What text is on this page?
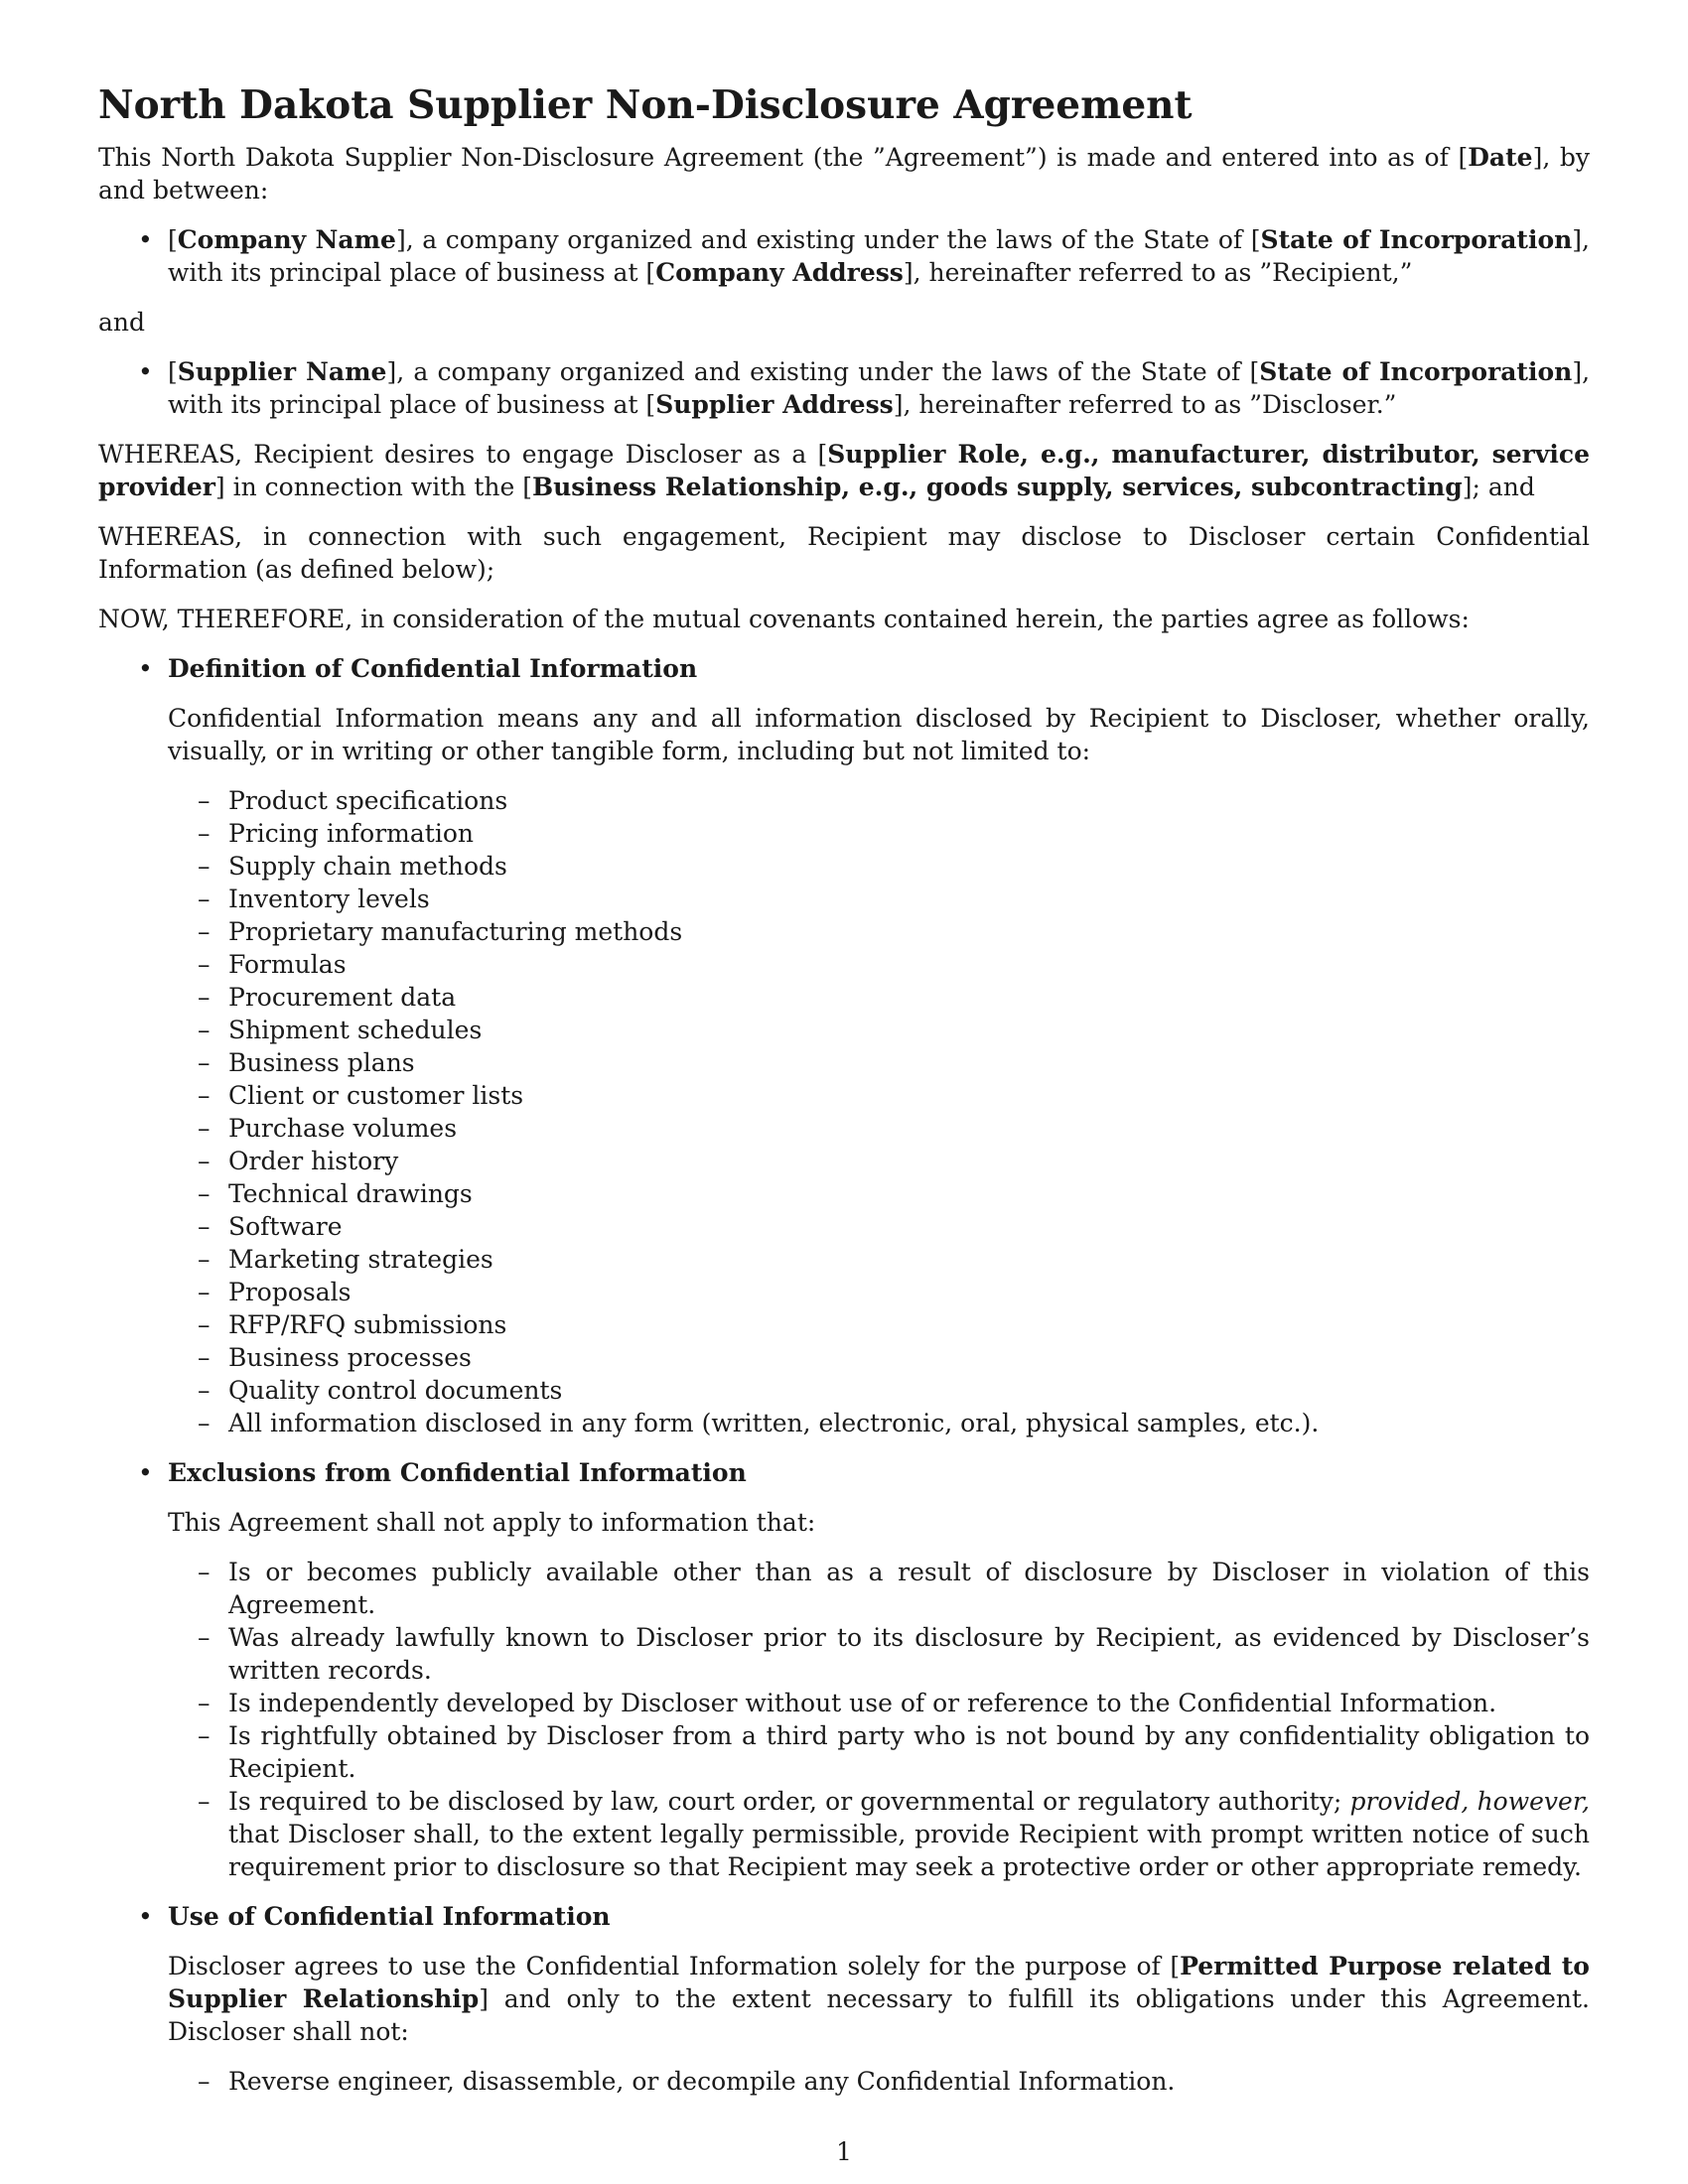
North Dakota Supplier Non-Disclosure Agreement

This North Dakota Supplier Non-Disclosure Agreement (the ”Agreement”) is made and entered into as of [Date], by and between:

• [Company Name], a company organized and existing under the laws of the State of [State of Incorporation], with its principal place of business at [Company Address], hereinafter referred to as ”Recipient,”

and

• [Supplier Name], a company organized and existing under the laws of the State of [State of Incorporation], with its principal place of business at [Supplier Address], hereinafter referred to as ”Discloser.”

WHEREAS, Recipient desires to engage Discloser as a [Supplier Role, e.g., manufacturer, distributor, service provider] in connection with the [Business Relationship, e.g., goods supply, services, subcontracting]; and

WHEREAS, in connection with such engagement, Recipient may disclose to Discloser certain Confidential Information (as defined below);

NOW, THEREFORE, in consideration of the mutual covenants contained herein, the parties agree as follows:

• Definition of Confidential Information
Confidential Information means any and all information disclosed by Recipient to Discloser, whether orally, visually, or in writing or other tangible form, including but not limited to:
– Product specifications
– Pricing information
– Supply chain methods
– Inventory levels
– Proprietary manufacturing methods
– Formulas
– Procurement data
– Shipment schedules
– Business plans
– Client or customer lists
– Purchase volumes
– Order history
– Technical drawings
– Software
– Marketing strategies
– Proposals
– RFP/RFQ submissions
– Business processes
– Quality control documents
– All information disclosed in any form (written, electronic, oral, physical samples, etc.).
• Exclusions from Confidential Information
This Agreement shall not apply to information that:
– Is or becomes publicly available other than as a result of disclosure by Discloser in violation of this Agreement.
– Was already lawfully known to Discloser prior to its disclosure by Recipient, as evidenced by Discloser’s written records.
– Is independently developed by Discloser without use of or reference to the Confidential Information.
– Is rightfully obtained by Discloser from a third party who is not bound by any confidentiality obligation to Recipient.
– Is required to be disclosed by law, court order, or governmental or regulatory authority; provided, however, that Discloser shall, to the extent legally permissible, provide Recipient with prompt written notice of such requirement prior to disclosure so that Recipient may seek a protective order or other appropriate remedy.
• Use of Confidential Information
Discloser agrees to use the Confidential Information solely for the purpose of [Permitted Purpose related to Supplier Relationship] and only to the extent necessary to fulfill its obligations under this Agreement. Discloser shall not:
– Reverse engineer, disassemble, or decompile any Confidential Information.
1
